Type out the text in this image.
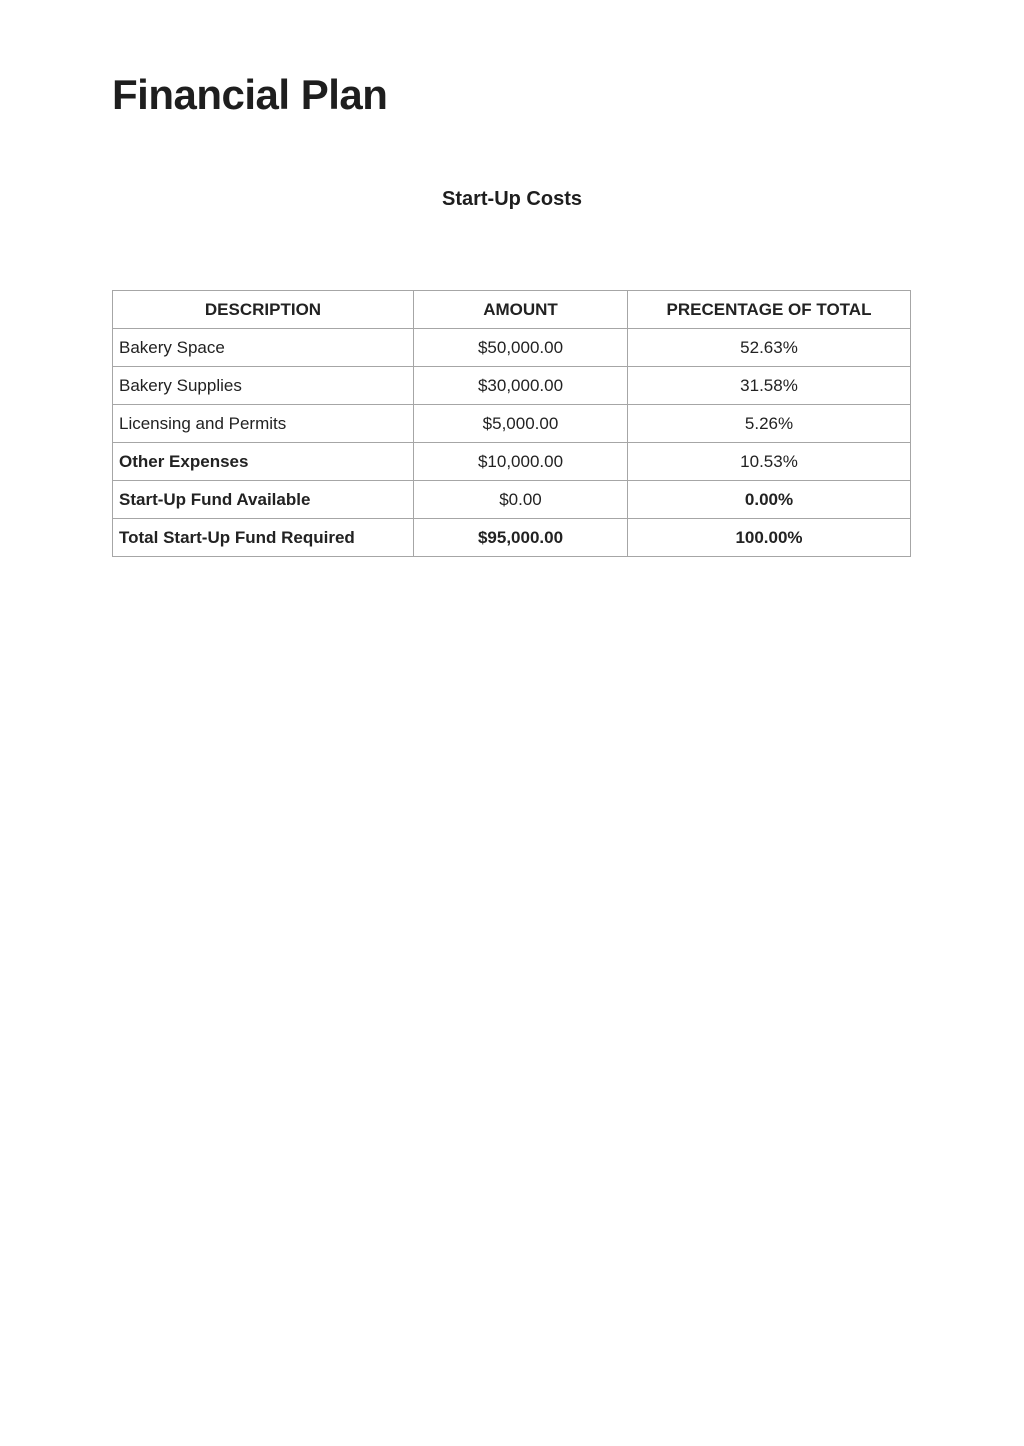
Financial Plan
Start-Up Costs
DESCRIPTION	AMOUNT	PRECENTAGE OF TOTAL
Bakery Space	$50,000.00	52.63%
Bakery Supplies	$30,000.00	31.58%
Licensing and Permits	$5,000.00	5.26%
Other Expenses	$10,000.00	10.53%
Start-Up Fund Available	$0.00	0.00%
Total Start-Up Fund Required	$95,000.00	100.00%
